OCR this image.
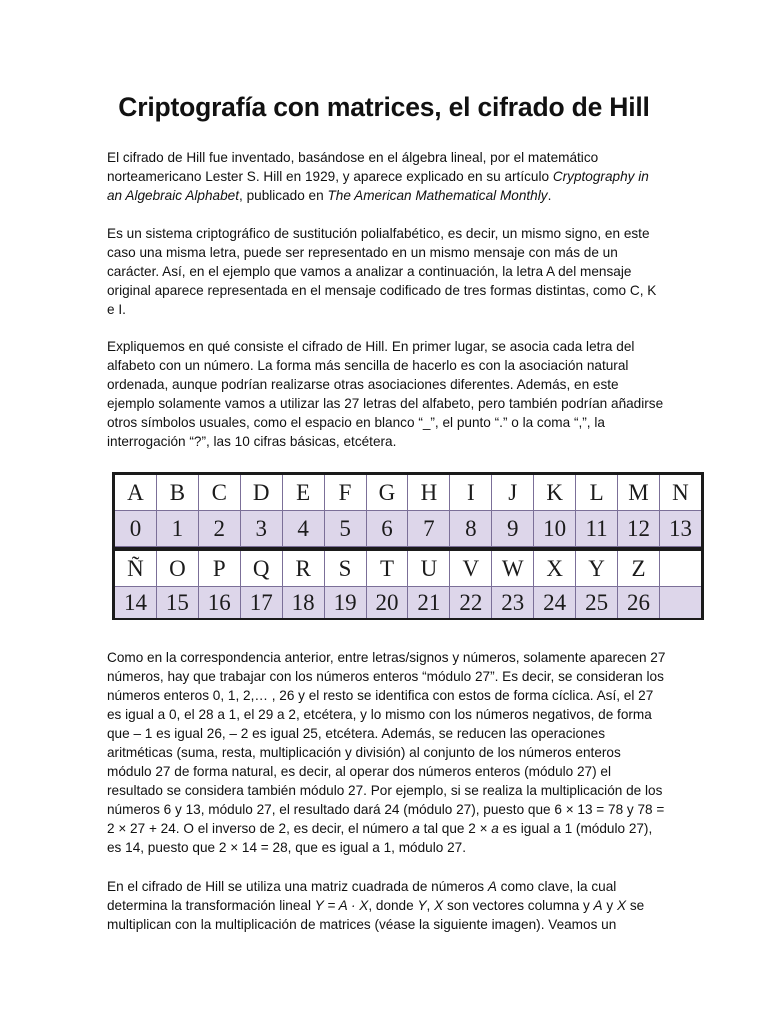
Criptografía con matrices, el cifrado de Hill

El cifrado de Hill fue inventado, basándose en el álgebra lineal, por el matemático norteamericano Lester S. Hill en 1929, y aparece explicado en su artículo Cryptography in an Algebraic Alphabet, publicado en The American Mathematical Monthly.

Es un sistema criptográfico de sustitución polialfabético, es decir, un mismo signo, en este caso una misma letra, puede ser representado en un mismo mensaje con más de un carácter. Así, en el ejemplo que vamos a analizar a continuación, la letra A del mensaje original aparece representada en el mensaje codificado de tres formas distintas, como C, K e I.

Expliquemos en qué consiste el cifrado de Hill. En primer lugar, se asocia cada letra del alfabeto con un número. La forma más sencilla de hacerlo es con la asociación natural ordenada, aunque podrían realizarse otras asociaciones diferentes. Además, en este ejemplo solamente vamos a utilizar las 27 letras del alfabeto, pero también podrían añadirse otros símbolos usuales, como el espacio en blanco “_”, el punto “.” o la coma “,”, la interrogación “?”, las 10 cifras básicas, etcétera.

A	B	C	D	E	F	G	H	I	J	K	L	M	N
0	1	2	3	4	5	6	7	8	9	10 11 12 13
Ñ	O	P	Q	R	S	T	U	V W X	Y	Z
14 15 16 17 18 19 20 21 22 23 24 25 26

Como en la correspondencia anterior, entre letras/signos y números, solamente aparecen 27 números, hay que trabajar con los números enteros “módulo 27”. Es decir, se consideran los números enteros 0, 1, 2,… , 26 y el resto se identifica con estos de forma cíclica. Así, el 27 es igual a 0, el 28 a 1, el 29 a 2, etcétera, y lo mismo con los números negativos, de forma que – 1 es igual 26, – 2 es igual 25, etcétera. Además, se reducen las operaciones aritméticas (suma, resta, multiplicación y división) al conjunto de los números enteros módulo 27 de forma natural, es decir, al operar dos números enteros (módulo 27) el resultado se considera también módulo 27. Por ejemplo, si se realiza la multiplicación de los números 6 y 13, módulo 27, el resultado dará 24 (módulo 27), puesto que 6 × 13 = 78 y 78 = 2 × 27 + 24. O el inverso de 2, es decir, el número a tal que 2 × a es igual a 1 (módulo 27), es 14, puesto que 2 × 14 = 28, que es igual a 1, módulo 27.

En el cifrado de Hill se utiliza una matriz cuadrada de números A como clave, la cual determina la transformación lineal Y = A · X, donde Y, X son vectores columna y A y X se multiplican con la multiplicación de matrices (véase la siguiente imagen). Veamos un
